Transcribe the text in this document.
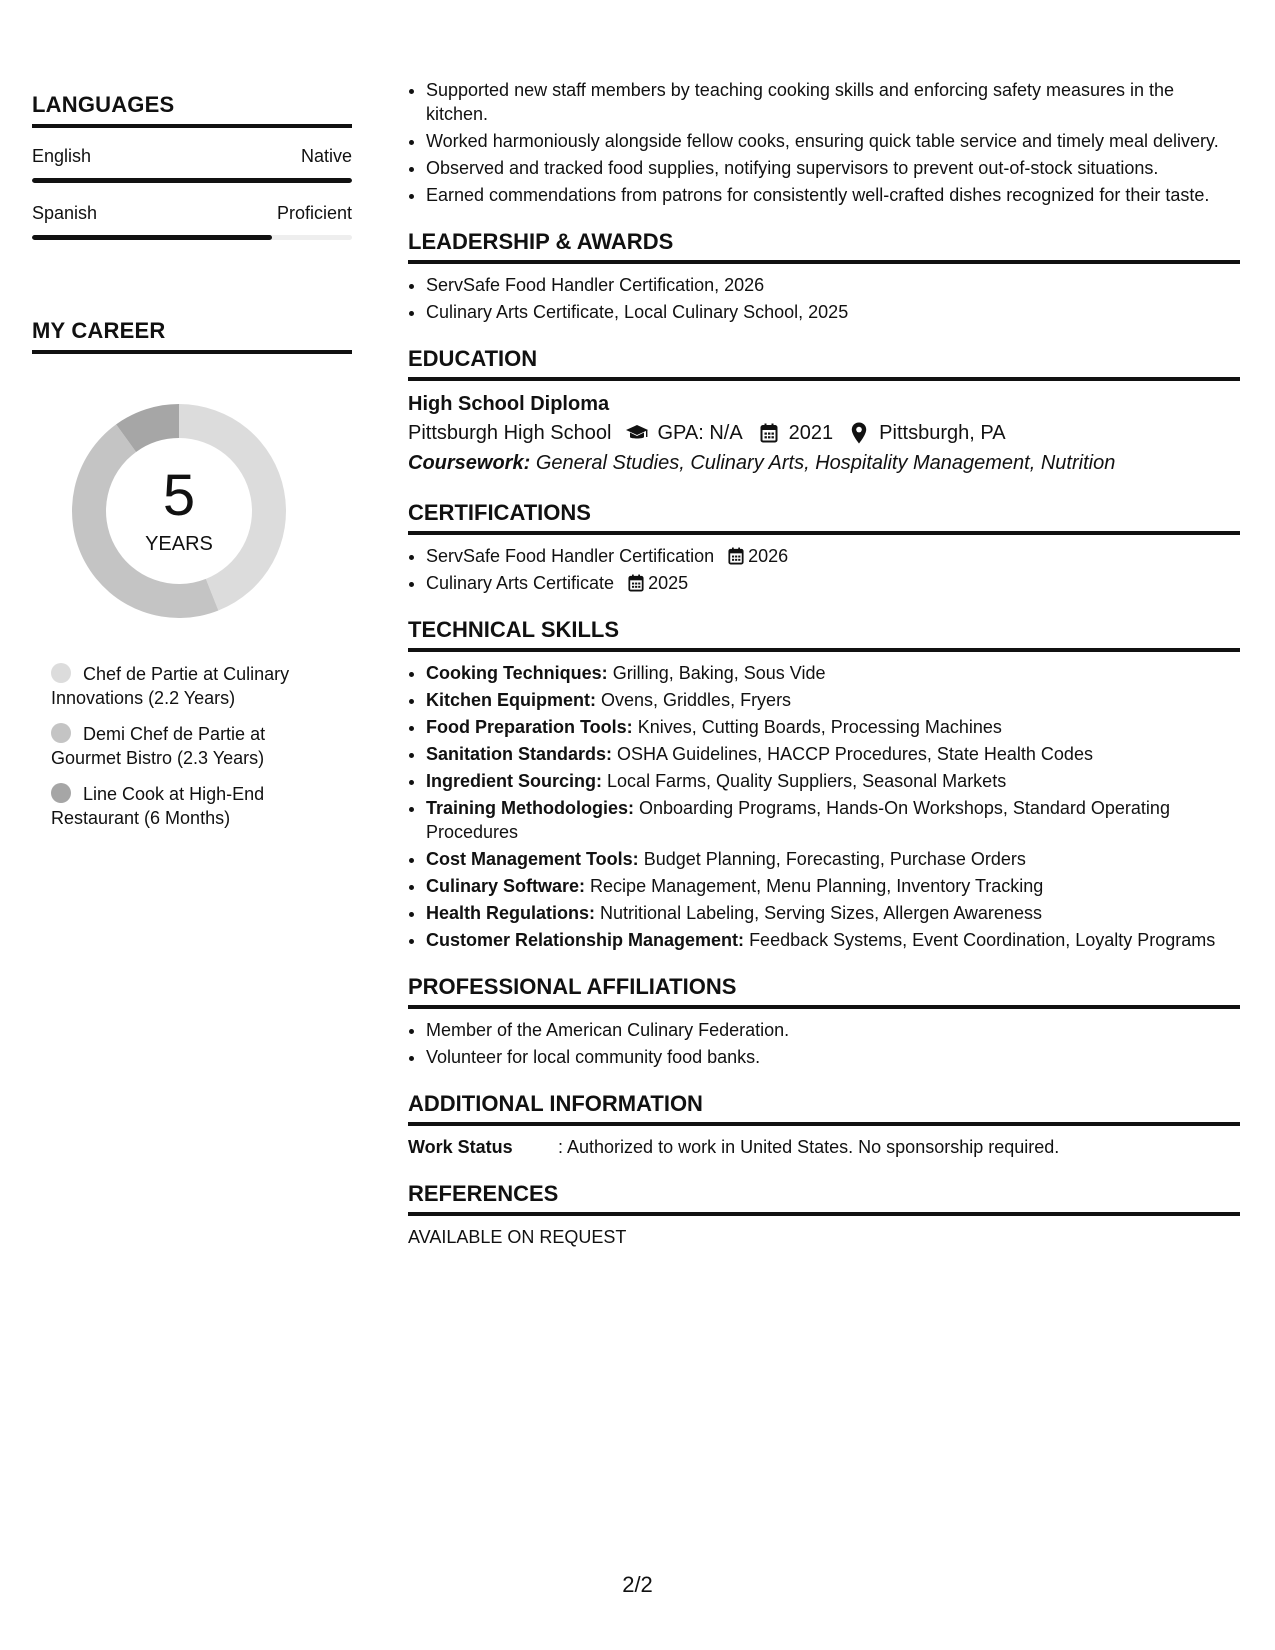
LANGUAGES
English	Native
Spanish	Proficient
MY CAREER
5
YEARS
Chef de Partie at Culinary Innovations (2.2 Years)
Demi Chef de Partie at Gourmet Bistro (2.3 Years)
Line Cook at High-End Restaurant (6 Months)
• Supported new staff members by teaching cooking skills and enforcing safety measures in the kitchen.
• Worked harmoniously alongside fellow cooks, ensuring quick table service and timely meal delivery.
• Observed and tracked food supplies, notifying supervisors to prevent out-of-stock situations.
• Earned commendations from patrons for consistently well-crafted dishes recognized for their taste.
LEADERSHIP & AWARDS
• ServSafe Food Handler Certification, 2026
• Culinary Arts Certificate, Local Culinary School, 2025
EDUCATION
High School Diploma
Pittsburgh High School GPA: N/A 2021 Pittsburgh, PA
Coursework: General Studies, Culinary Arts, Hospitality Management, Nutrition
CERTIFICATIONS
• ServSafe Food Handler Certification 2026
• Culinary Arts Certificate 2025
TECHNICAL SKILLS
• Cooking Techniques: Grilling, Baking, Sous Vide
• Kitchen Equipment: Ovens, Griddles, Fryers
• Food Preparation Tools: Knives, Cutting Boards, Processing Machines
• Sanitation Standards: OSHA Guidelines, HACCP Procedures, State Health Codes
• Ingredient Sourcing: Local Farms, Quality Suppliers, Seasonal Markets
• Training Methodologies: Onboarding Programs, Hands-On Workshops, Standard Operating Procedures
• Cost Management Tools: Budget Planning, Forecasting, Purchase Orders
• Culinary Software: Recipe Management, Menu Planning, Inventory Tracking
• Health Regulations: Nutritional Labeling, Serving Sizes, Allergen Awareness
• Customer Relationship Management: Feedback Systems, Event Coordination, Loyalty Programs
PROFESSIONAL AFFILIATIONS
• Member of the American Culinary Federation.
• Volunteer for local community food banks.
ADDITIONAL INFORMATION
Work Status	: Authorized to work in United States. No sponsorship required.
REFERENCES
AVAILABLE ON REQUEST
2/2
